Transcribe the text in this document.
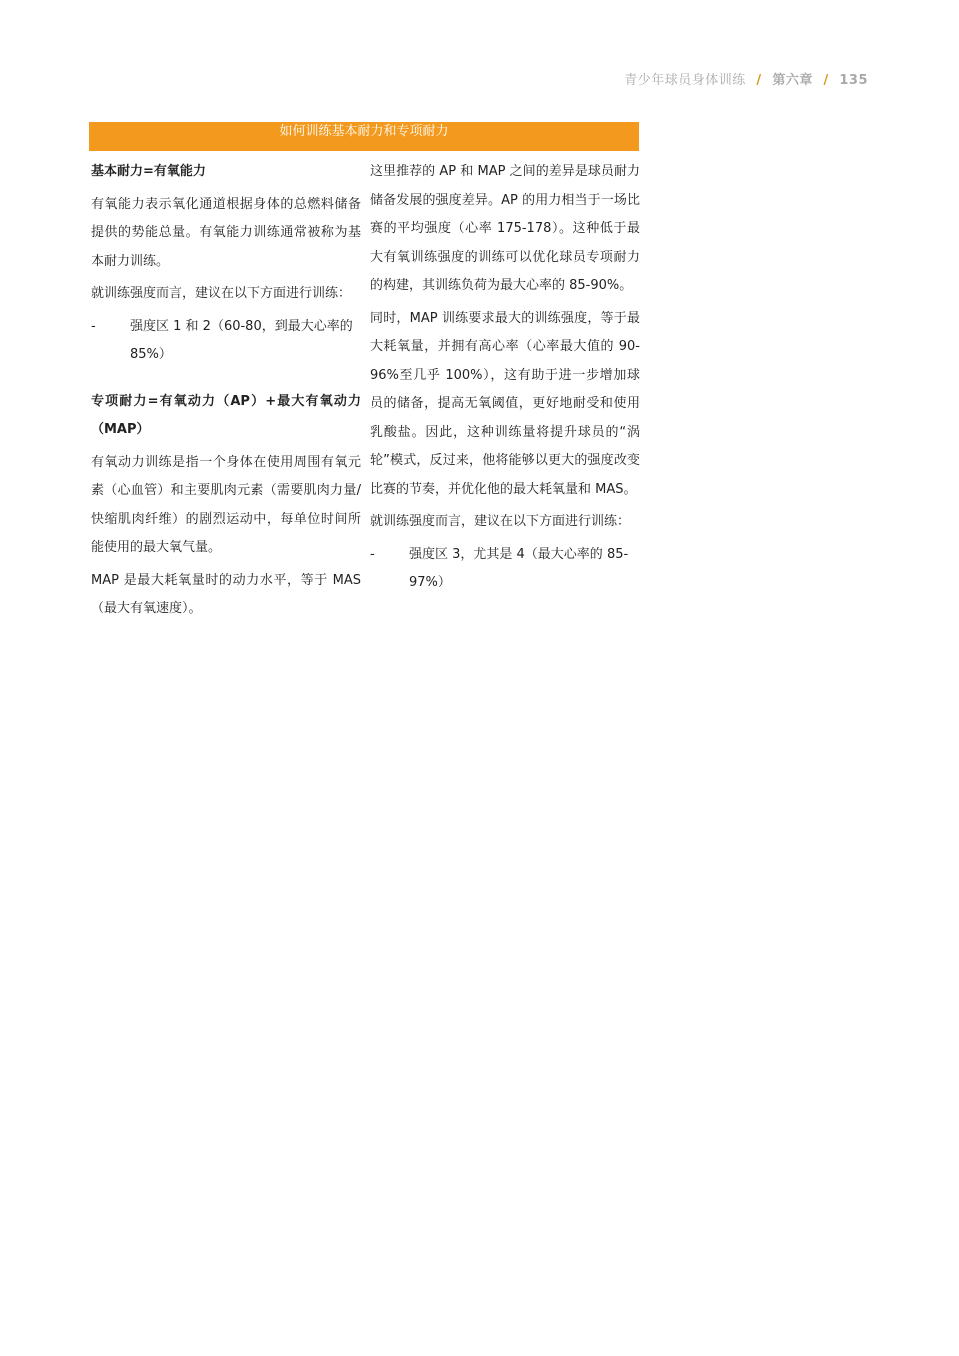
青少年球员身体训练 / 第六章 / 135
如何训练基本耐力和专项耐力
基本耐力=有氧能力

有氧能力表示氧化通道根据身体的总燃料储备提供的势能总量。有氧能力训练通常被称为基本耐力训练。

就训练强度而言，建议在以下方面进行训练：

-	强度区 1 和 2（60-80，到最大心率的 85%）
专项耐力=有氧动力（AP）+最大有氧动力（MAP）

有氧动力训练是指一个身体在使用周围有氧元素（心血管）和主要肌肉元素（需要肌肉力量/快缩肌肉纤维）的剧烈运动中，每单位时间所能使用的最大氧气量。

MAP 是最大耗氧量时的动力水平，等于 MAS（最大有氧速度）。

这里推荐的 AP 和 MAP 之间的差异是球员耐力储备发展的强度差异。AP 的用力相当于一场比赛的平均强度（心率 175-178）。这种低于最大有氧训练强度的训练可以优化球员专项耐力的构建，其训练负荷为最大心率的 85-90%。

同时，MAP 训练要求最大的训练强度，等于最大耗氧量，并拥有高心率（心率最大值的 90-96%至几乎 100%），这有助于进一步增加球员的储备，提高无氧阈值，更好地耐受和使用乳酸盐。因此，这种训练量将提升球员的“涡轮”模式，反过来，他将能够以更大的强度改变比赛的节奏，并优化他的最大耗氧量和 MAS。

就训练强度而言，建议在以下方面进行训练：

-	强度区 3，尤其是 4（最大心率的 85-97%）
